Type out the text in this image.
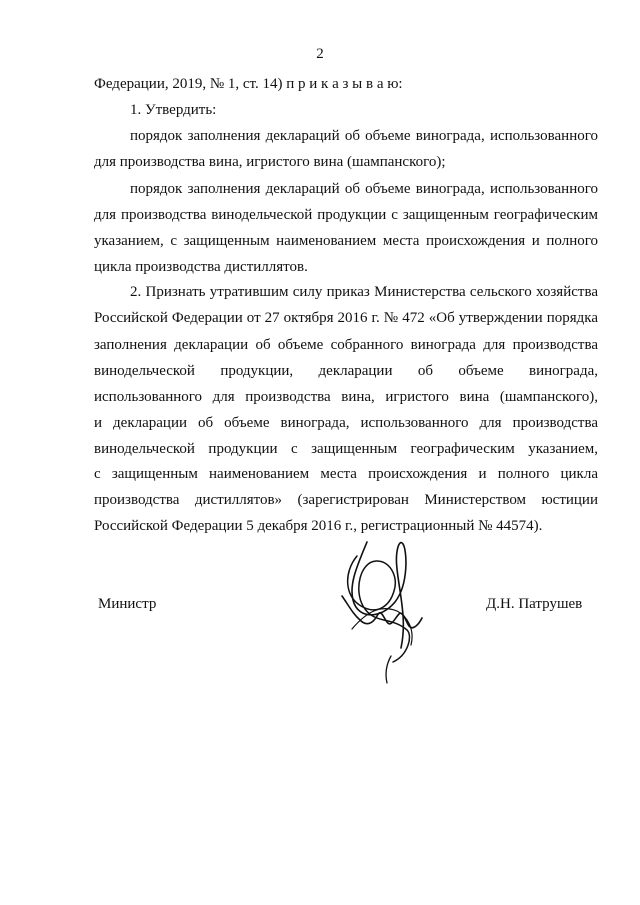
2
Федерации, 2019, № 1, ст. 14) п р и к а з ы в а ю:
1. Утвердить:
порядок заполнения деклараций об объеме винограда, использованного
для производства вина, игристого вина (шампанского);
порядок заполнения деклараций об объеме винограда, использованного
для производства винодельческой продукции с защищенным географическим
указанием, с защищенным наименованием места происхождения и полного
цикла производства дистиллятов.
2. Признать утратившим силу приказ Министерства сельского хозяйства
Российской Федерации от 27 октября 2016 г. № 472 «Об утверждении порядка
заполнения декларации об объеме собранного винограда для производства
винодельческой продукции, декларации об объеме винограда,
использованного для производства вина, игристого вина (шампанского),
и декларации об объеме винограда, использованного для производства
винодельческой продукции с защищенным географическим указанием,
с защищенным наименованием места происхождения и полного цикла
производства дистиллятов» (зарегистрирован Министерством юстиции
Российской Федерации 5 декабря 2016 г., регистрационный № 44574).
Министр	Д.Н. Патрушев
